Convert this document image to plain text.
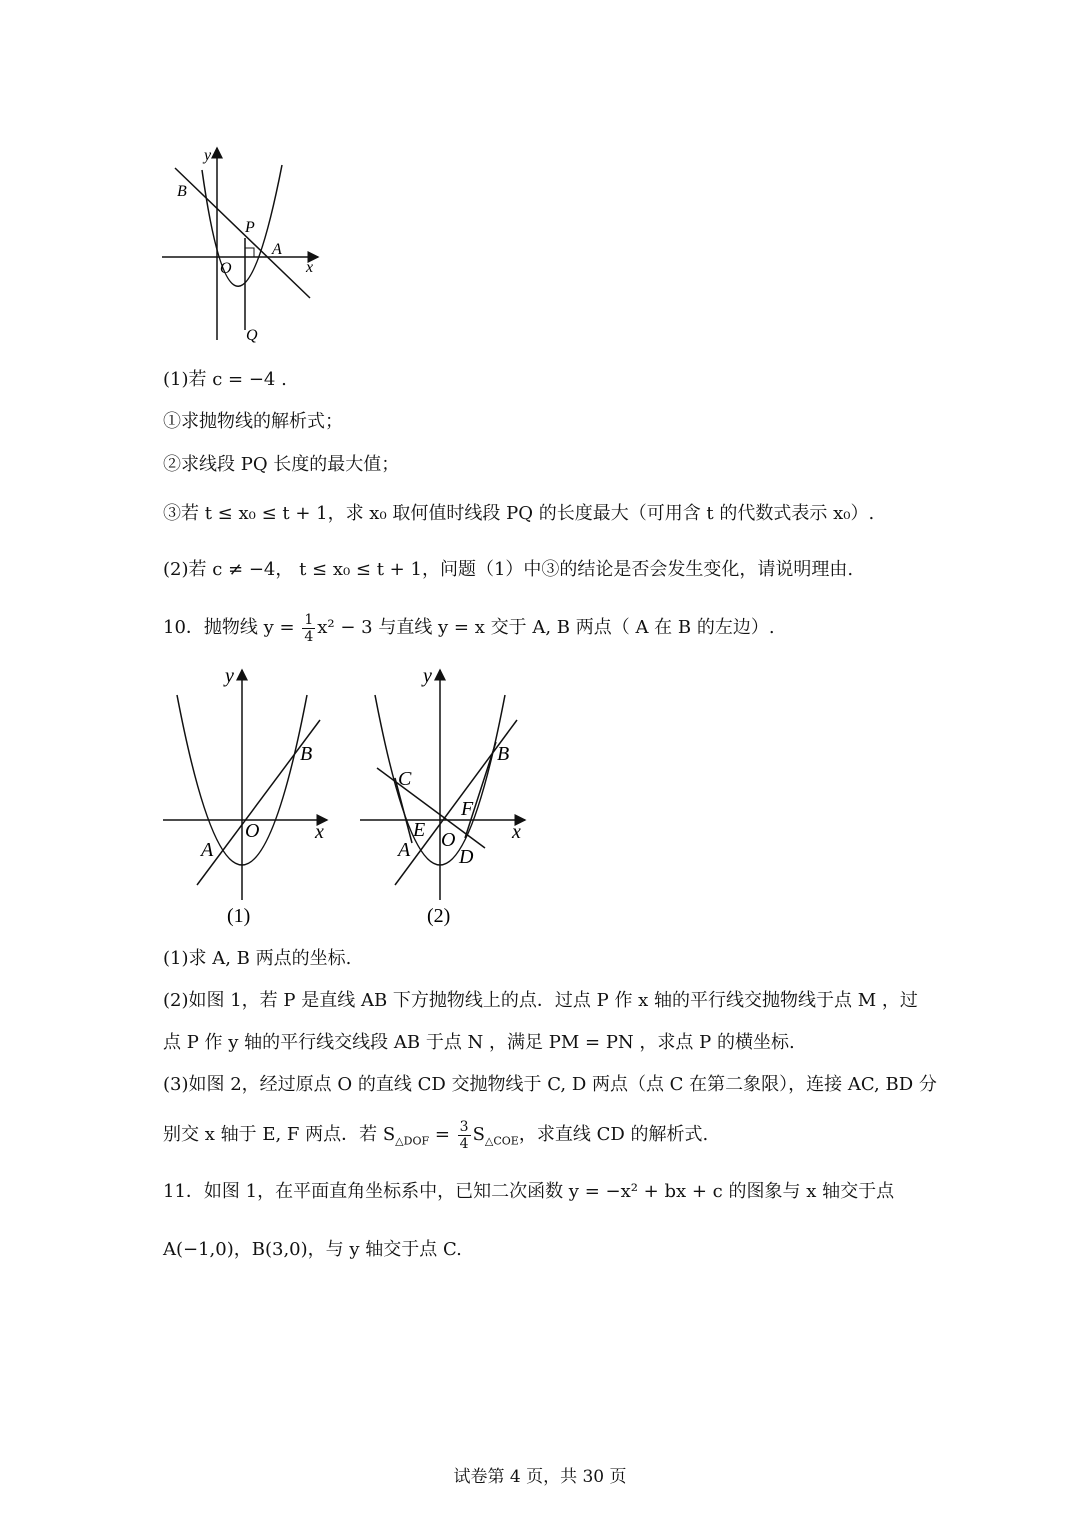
y
x
B
P
A
O
Q
(1)若 c = −4 .
①求抛物线的解析式；
②求线段 PQ 长度的最大值；
③若 t ≤ x₀ ≤ t + 1，求 x₀ 取何值时线段 PQ 的长度最大（可用含 t 的代数式表示 x₀）.
(2)若 c ≠ −4， t ≤ x₀ ≤ t + 1，问题（1）中③的结论是否会发生变化，请说明理由.
10．抛物线 $y = \frac{1}{4} x^2 - 3$ 与直线 y = x 交于 A, B 两点（ A 在 B 的左边）.
y
x
B
O
A
(1)
y
x
B
C
F
E O
A D
(2)
(1)求 A, B 两点的坐标.
(2)如图 1，若 P 是直线 AB 下方抛物线上的点．过点 P 作 x 轴的平行线交抛物线于点 M ，过
点 P 作 y 轴的平行线交线段 AB 于点 N ，满足 PM = PN ，求点 P 的横坐标.
(3)如图 2，经过原点 O 的直线 CD 交抛物线于 C, D 两点（点 C 在第二象限），连接 AC, BD 分
别交 x 轴于 E, F 两点．若 $S_{\triangle DOF} = \frac{3}{4} S_{\triangle COE}$，求直线 CD 的解析式.
11．如图 1，在平面直角坐标系中，已知二次函数 y = −x² + bx + c 的图象与 x 轴交于点
A(−1,0)，B(3,0)，与 y 轴交于点 C.
试卷第 4 页，共 30 页
